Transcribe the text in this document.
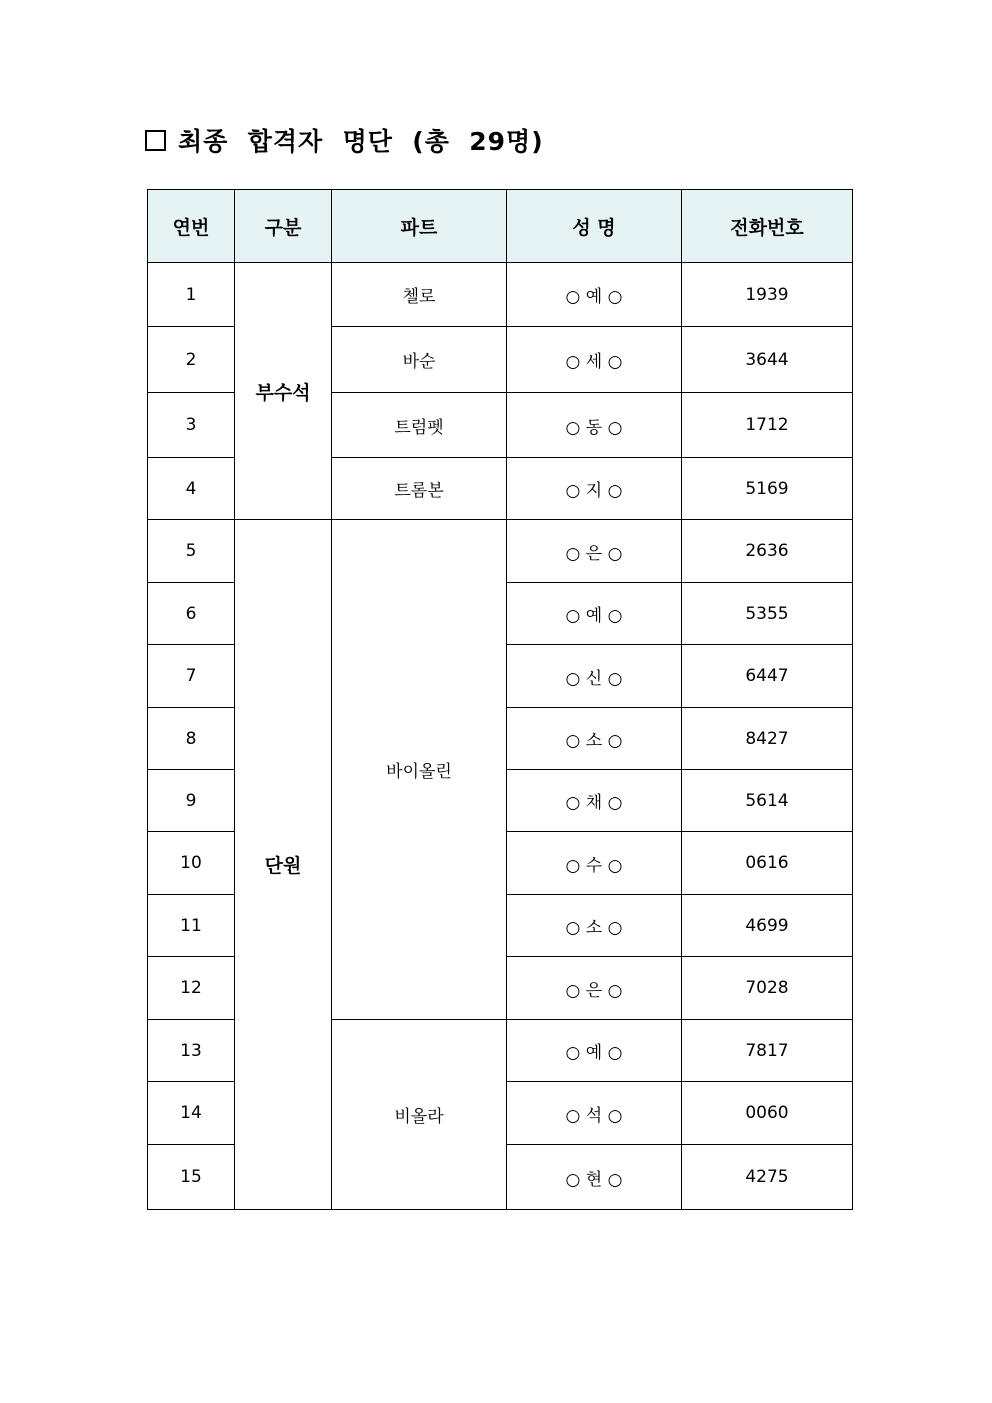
최종  합격자  명단  (총  29명)
연번	구분	파트	성 명	전화번호
1	부수석	첼로	○ 예 ○	1939
2		바순	○ 세 ○	3644
3		트럼펫	○ 동 ○	1712
4		트롬본	○ 지 ○	5169
5	단원	바이올린	○ 은 ○	2636
6			○ 예 ○	5355
7			○ 신 ○	6447
8			○ 소 ○	8427
9			○ 채 ○	5614
10			○ 수 ○	0616
11			○ 소 ○	4699
12			○ 은 ○	7028
13		비올라	○ 예 ○	7817
14			○ 석 ○	0060
15			○ 현 ○	4275
